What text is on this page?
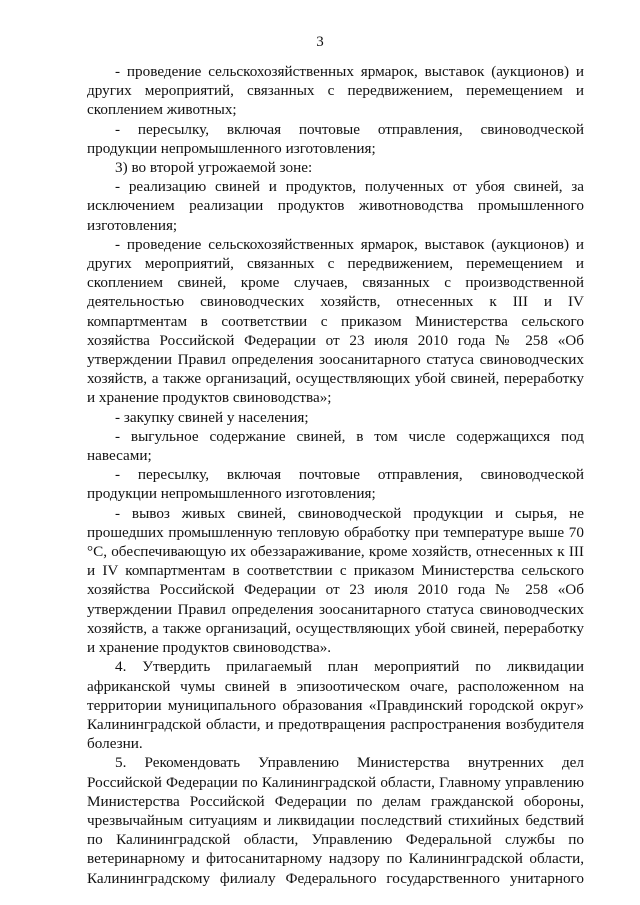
3

- проведение сельскохозяйственных ярмарок, выставок (аукционов) и других мероприятий, связанных с передвижением, перемещением и скоплением животных;

- пересылку, включая почтовые отправления, свиноводческой продукции непромышленного изготовления;

3) во второй угрожаемой зоне:

- реализацию свиней и продуктов, полученных от убоя свиней, за исключением реализации продуктов животноводства промышленного изготовления;

- проведение сельскохозяйственных ярмарок, выставок (аукционов) и других мероприятий, связанных с передвижением, перемещением и скоплением свиней, кроме случаев, связанных с производственной деятельностью свиноводческих хозяйств, отнесенных к III и IV компартментам в соответствии с приказом Министерства сельского хозяйства Российской Федерации от 23 июля 2010 года № 258 «Об утверждении Правил определения зоосанитарного статуса свиноводческих хозяйств, а также организаций, осуществляющих убой свиней, переработку и хранение продуктов свиноводства»;

- закупку свиней у населения;

- выгульное содержание свиней, в том числе содержащихся под навесами;

- пересылку, включая почтовые отправления, свиноводческой продукции непромышленного изготовления;

- вывоз живых свиней, свиноводческой продукции и сырья, не прошедших промышленную тепловую обработку при температуре выше 70 °С, обеспечивающую их обеззараживание, кроме хозяйств, отнесенных к III и IV компартментам в соответствии с приказом Министерства сельского хозяйства Российской Федерации от 23 июля 2010 года № 258 «Об утверждении Правил определения зоосанитарного статуса свиноводческих хозяйств, а также организаций, осуществляющих убой свиней, переработку и хранение продуктов свиноводства».

4. Утвердить прилагаемый план мероприятий по ликвидации африканской чумы свиней в эпизоотическом очаге, расположенном на территории муниципального образования «Правдинский городской округ» Калининградской области, и предотвращения распространения возбудителя болезни.

5. Рекомендовать Управлению Министерства внутренних дел Российской Федерации по Калининградской области, Главному управлению Министерства Российской Федерации по делам гражданской обороны, чрезвычайным ситуациям и ликвидации последствий стихийных бедствий по Калининградской области, Управлению Федеральной службы по ветеринарному и фитосанитарному надзору по Калининградской области, Калининградскому филиалу Федерального государственного унитарного
